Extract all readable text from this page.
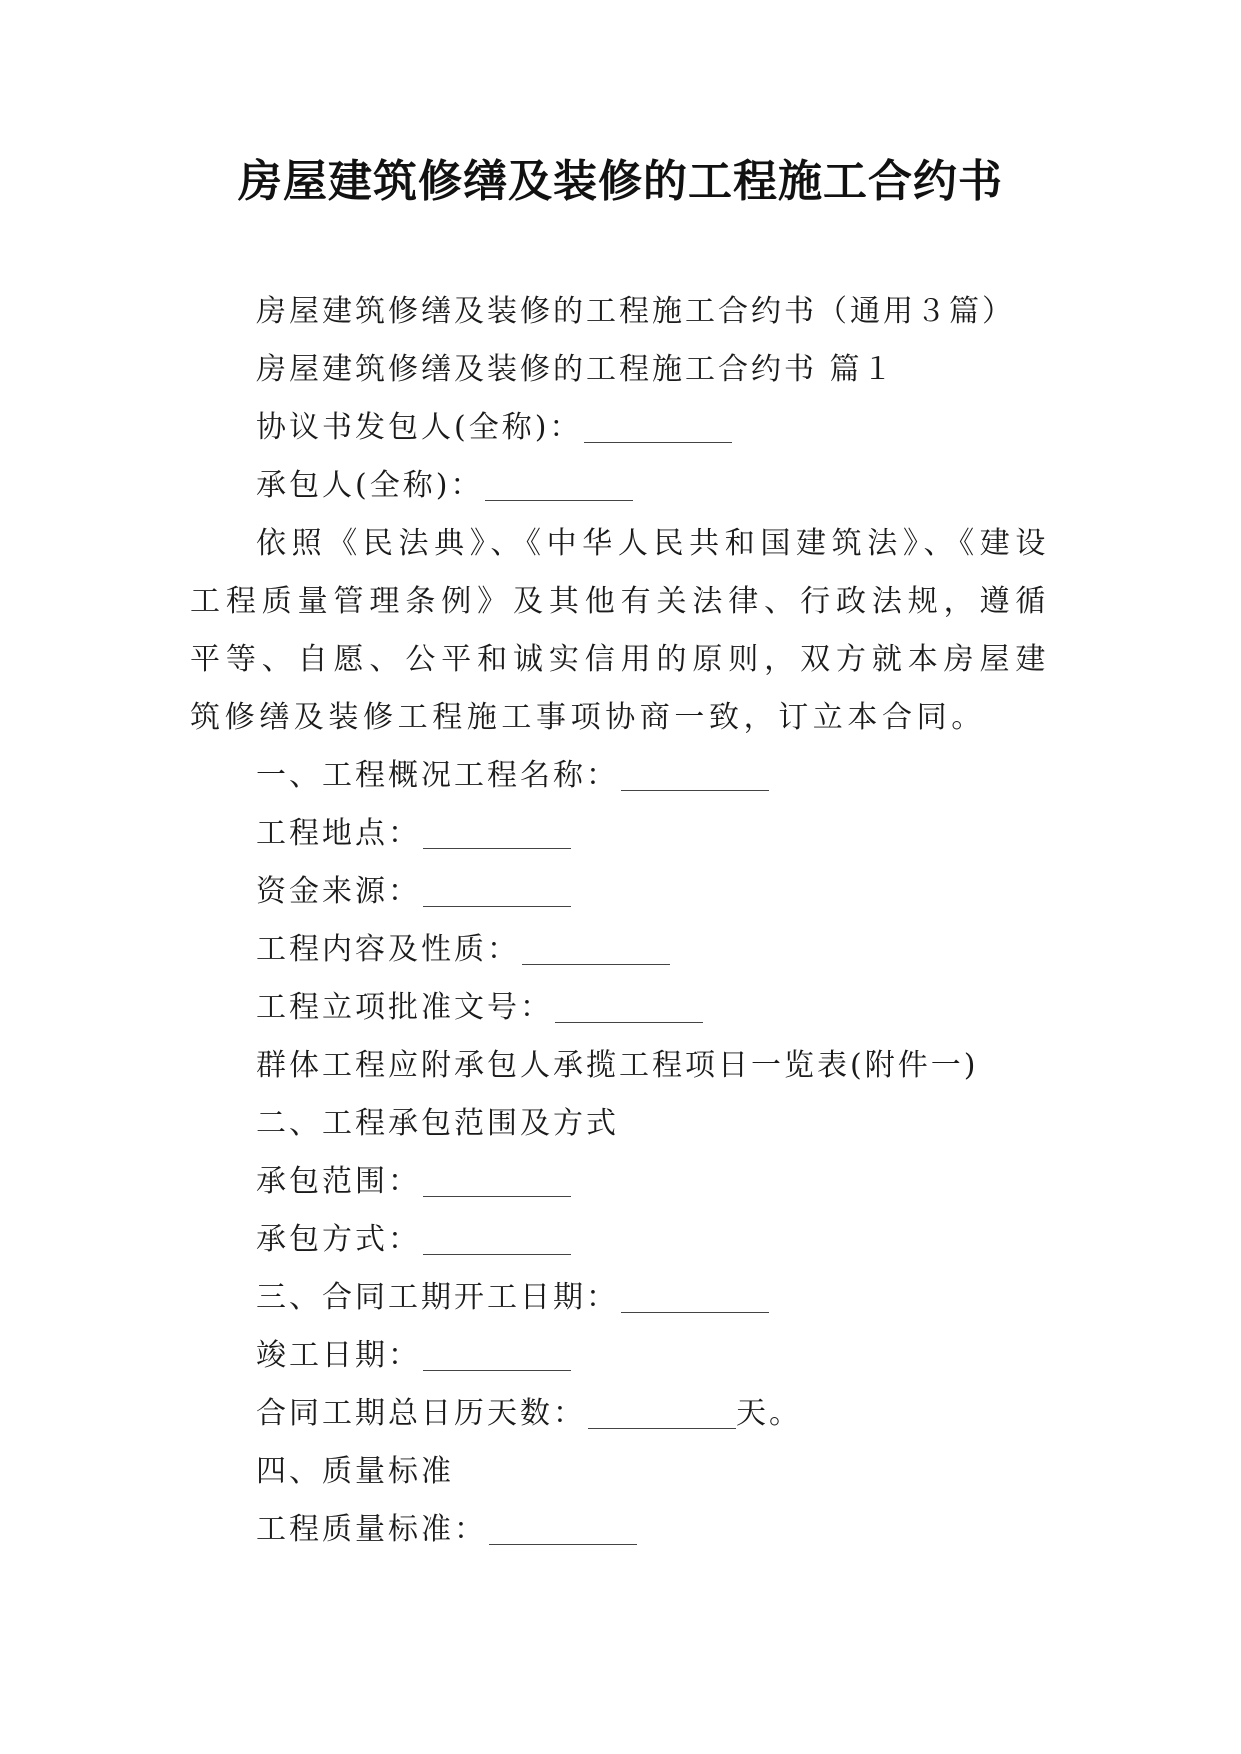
房屋建筑修缮及装修的工程施工合约书

房屋建筑修缮及装修的工程施工合约书（通用３篇）

房屋建筑修缮及装修的工程施工合约书 篇１

协议书发包人(全称)：

承包人(全称)：

依照《民法典》、《中华人民共和国建筑法》、《建设工程质量管理条例》及其他有关法律、行政法规，遵循平等、自愿、公平和诚实信用的原则，双方就本房屋建筑修缮及装修工程施工事项协商一致，订立本合同。

一、工程概况工程名称：

工程地点：

资金来源：

工程内容及性质：

工程立项批准文号：

群体工程应附承包人承揽工程项日一览表(附件一)

二、工程承包范围及方式

承包范围：

承包方式：

三、合同工期开工日期：

竣工日期：

合同工期总日历天数：	天。

四、质量标准

工程质量标准：
